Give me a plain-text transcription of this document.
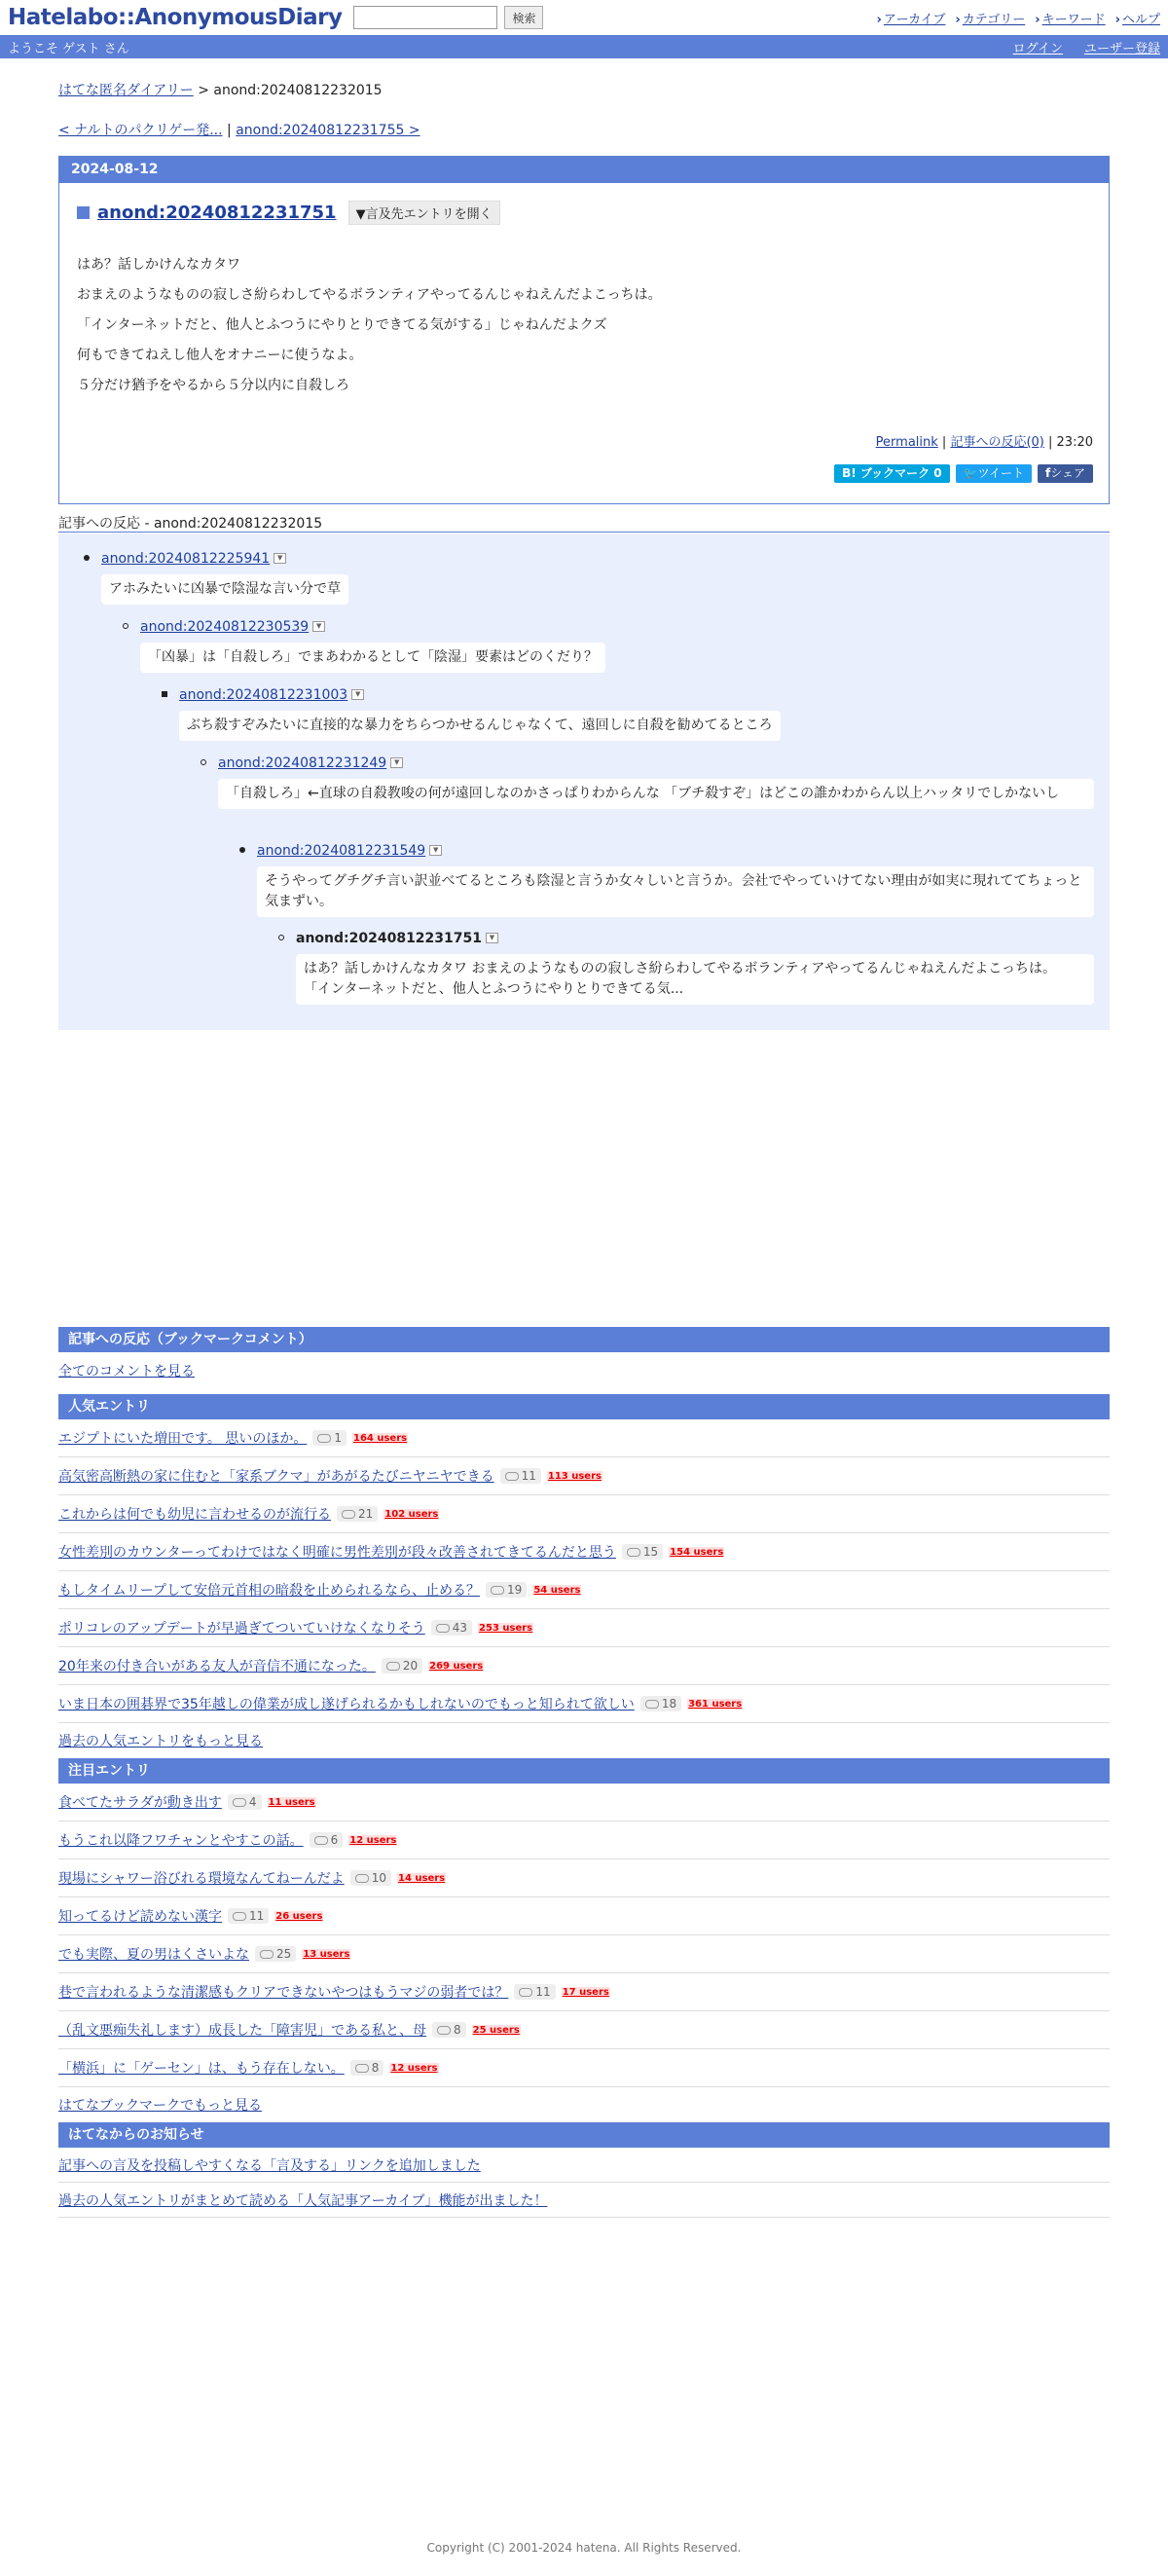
Hatelabo::AnonymousDiary	検索	› アーカイブ	› カテゴリー	› キーワード	› ヘルプ
ようこそ ゲスト さん	ログイン ユーザー登録
はてな匿名ダイアリー > anond:20240812232015
< ナルトのパクリゲー発... | anond:20240812231755 >
2024-08-12
anond:20240812231751	▼言及先エントリを開く

はあ？話しかけんなカタワ

おまえのようなものの寂しさ紛らわしてやるボランティアやってるんじゃねえんだよこっちは。

「インターネットだと、他人とふつうにやりとりできてる気がする」じゃねんだよクズ

何もできてねえし他人をオナニーに使うなよ。

５分だけ猶予をやるから５分以内に自殺しろ

Permalink | 記事への反応(0) | 23:20
B! ブックマーク 0	🐦ツイート	fシェア
記事への反応 - anond:20240812232015
anond:20240812225941 ▼
アホみたいに凶暴で陰湿な言い分で草
anond:20240812230539 ▼
「凶暴」は「自殺しろ」でまあわかるとして「陰湿」要素はどのくだり？
anond:20240812231003 ▼
ぶち殺すぞみたいに直接的な暴力をちらつかせるんじゃなくて、遠回しに自殺を勧めてるところ
anond:20240812231249 ▼
「自殺しろ」←直球の自殺教唆の何が遠回しなのかさっぱりわからんな 「ブチ殺すぞ」はどこの誰かわからん以上ハッタリでしかないし
anond:20240812231549 ▼
そうやってグチグチ言い訳並べてるところも陰湿と言うか女々しいと言うか。会社でやっていけてない理由が如実に現れててちょっと気まずい。
anond:20240812231751 ▼
はあ？話しかけんなカタワ おまえのようなものの寂しさ紛らわしてやるボランティアやってるんじゃねえんだよこっちは。 「インターネットだと、他人とふつうにやりとりできてる気...
記事への反応（ブックマークコメント）
全てのコメントを見る
人気エントリ
エジプトにいた増田です。 思いのほか。 1 164 users
高気密高断熱の家に住むと「家系ブクマ」があがるたびニヤニヤできる 11 113 users
これからは何でも幼児に言わせるのが流行る 21 102 users
女性差別のカウンターってわけではなく明確に男性差別が段々改善されてきてるんだと思う 15 154 users
もしタイムリープして安倍元首相の暗殺を止められるなら、止める？ 19 54 users
ポリコレのアップデートが早過ぎてついていけなくなりそう 43 253 users
20年来の付き合いがある友人が音信不通になった。 20 269 users
いま日本の囲碁界で35年越しの偉業が成し遂げられるかもしれないのでもっと知られて欲しい 18 361 users
過去の人気エントリをもっと見る
注目エントリ
食べてたサラダが動き出す 4 11 users
もうこれ以降フワチャンとやすこの話。 6 12 users
現場にシャワー浴びれる環境なんてねーんだよ 10 14 users
知ってるけど読めない漢字 11 26 users
でも実際、夏の男はくさいよな 25 13 users
巷で言われるような清潔感もクリアできないやつはもうマジの弱者では？ 11 17 users
（乱文悪痴失礼します）成長した「障害児」である私と、母 8 25 users
「横浜」に「ゲーセン」は、もう存在しない。 8 12 users
はてなブックマークでもっと見る
はてなからのお知らせ
記事への言及を投稿しやすくなる「言及する」リンクを追加しました
過去の人気エントリがまとめて読める「人気記事アーカイブ」機能が出ました！
Copyright (C) 2001-2024 hatena. All Rights Reserved.
